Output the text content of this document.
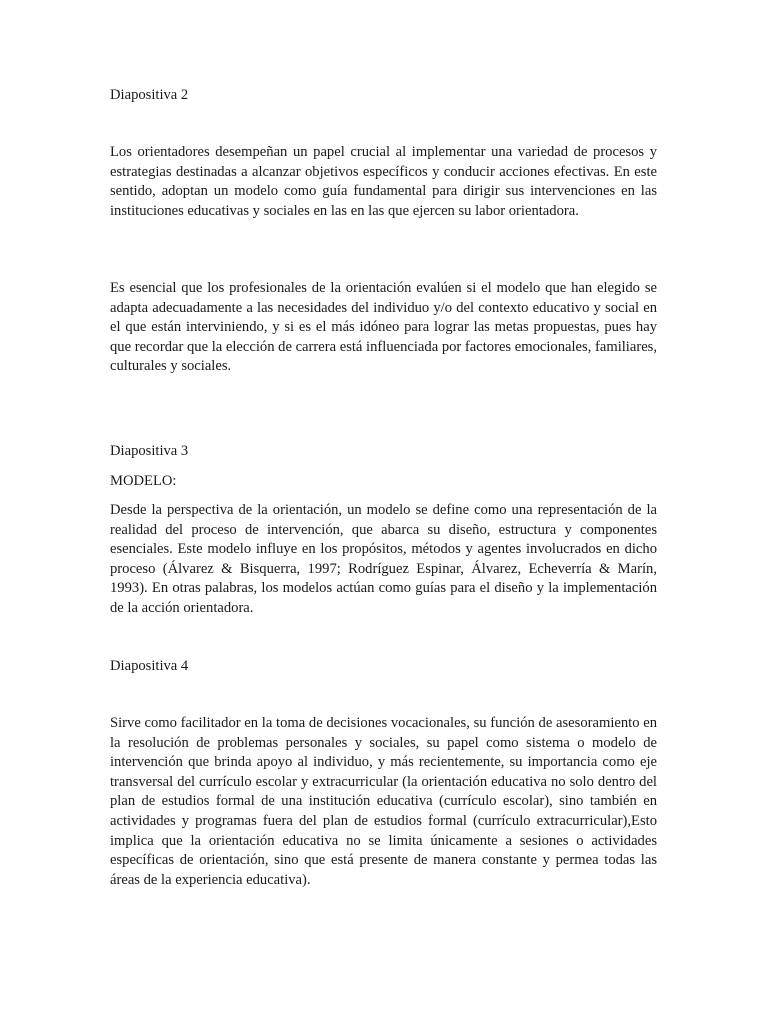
Diapositiva 2

Los orientadores desempeñan un papel crucial al implementar una variedad de procesos y estrategias destinadas a alcanzar objetivos específicos y conducir acciones efectivas. En este sentido, adoptan un modelo como guía fundamental para dirigir sus intervenciones en las instituciones educativas y sociales en las en las que ejercen su labor orientadora.

Es esencial que los profesionales de la orientación evalúen si el modelo que han elegido se adapta adecuadamente a las necesidades del individuo y/o del contexto educativo y social en el que están interviniendo, y si es el más idóneo para lograr las metas propuestas, pues hay que recordar que la elección de carrera está influenciada por factores emocionales, familiares, culturales y sociales.

Diapositiva 3

MODELO:

Desde la perspectiva de la orientación, un modelo se define como una representación de la realidad del proceso de intervención, que abarca su diseño, estructura y componentes esenciales. Este modelo influye en los propósitos, métodos y agentes involucrados en dicho proceso (Álvarez & Bisquerra, 1997; Rodríguez Espinar, Álvarez, Echeverría & Marín, 1993). En otras palabras, los modelos actúan como guías para el diseño y la implementación de la acción orientadora.

Diapositiva 4

Sirve como facilitador en la toma de decisiones vocacionales, su función de asesoramiento en la resolución de problemas personales y sociales, su papel como sistema o modelo de intervención que brinda apoyo al individuo, y más recientemente, su importancia como eje transversal del currículo escolar y extracurricular (la orientación educativa no solo dentro del plan de estudios formal de una institución educativa (currículo escolar), sino también en actividades y programas fuera del plan de estudios formal (currículo extracurricular),Esto implica que la orientación educativa no se limita únicamente a sesiones o actividades específicas de orientación, sino que está presente de manera constante y permea todas las áreas de la experiencia educativa).
